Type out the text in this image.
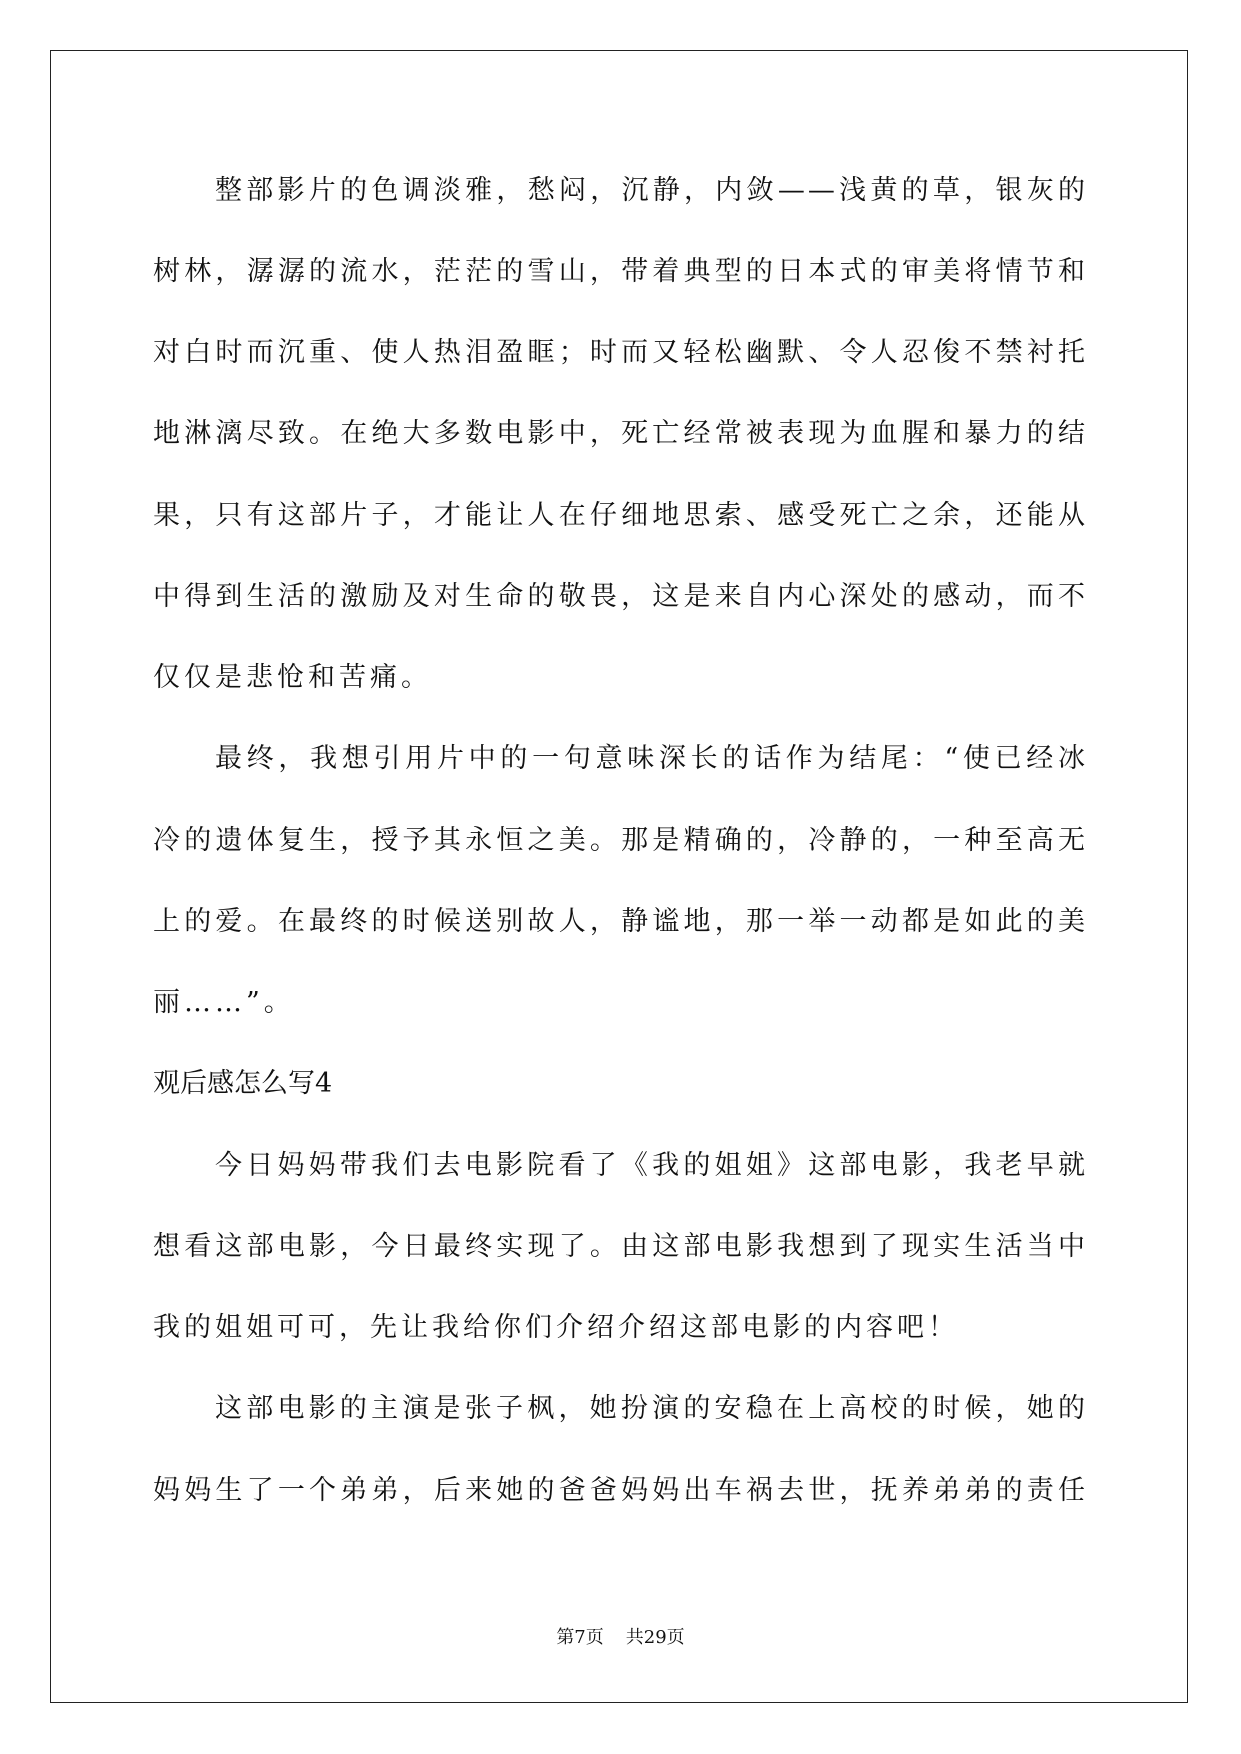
整部影片的色调淡雅，愁闷，沉静，内敛——浅黄的草，银灰的
树林，潺潺的流水，茫茫的雪山，带着典型的日本式的审美将情节和
对白时而沉重、使人热泪盈眶；时而又轻松幽默、令人忍俊不禁衬托
地淋漓尽致。在绝大多数电影中，死亡经常被表现为血腥和暴力的结
果，只有这部片子，才能让人在仔细地思索、感受死亡之余，还能从
中得到生活的激励及对生命的敬畏，这是来自内心深处的感动，而不
仅仅是悲怆和苦痛。
最终，我想引用片中的一句意味深长的话作为结尾：“使已经冰
冷的遗体复生，授予其永恒之美。那是精确的，冷静的，一种至高无
上的爱。在最终的时候送别故人，静谧地，那一举一动都是如此的美
丽……”。
观后感怎么写4
今日妈妈带我们去电影院看了《我的姐姐》这部电影，我老早就
想看这部电影，今日最终实现了。由这部电影我想到了现实生活当中
我的姐姐可可，先让我给你们介绍介绍这部电影的内容吧！
这部电影的主演是张子枫，她扮演的安稳在上高校的时候，她的
妈妈生了一个弟弟，后来她的爸爸妈妈出车祸去世，抚养弟弟的责任
第7页 共29页
